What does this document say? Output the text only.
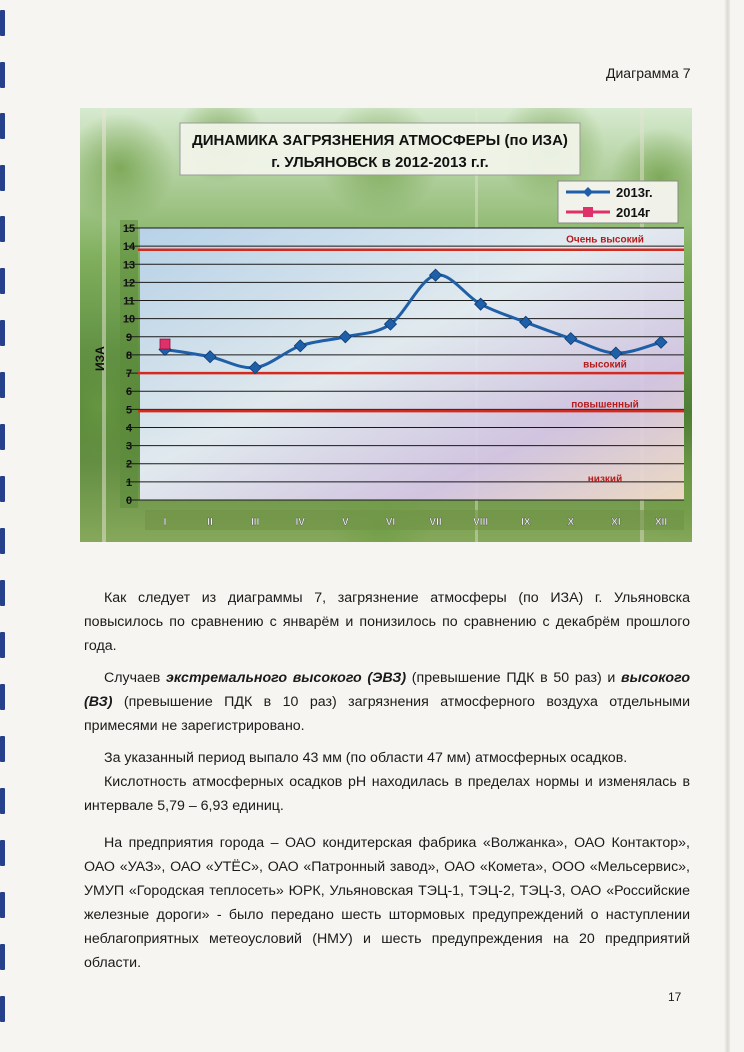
Диаграмма 7
0
1
2
3
4
5
6
7
8
9
10
11
12
13
14
15
ИЗА
Очень высокий
высокий
повышенный
низкий
I	II	III	IV	V	VI	VII	VIII	IX	X	XI	XII
ДИНАМИКА ЗАГРЯЗНЕНИЯ АТМОСФЕРЫ (по ИЗА)
г. УЛЬЯНОВСК в 2012-2013 г.г.
2013г.
2014г

Как следует из диаграммы 7, загрязнение атмосферы (по ИЗА) г. Ульяновска повысилось по сравнению с январём и понизилось по сравнению с декабрём прошлого года.

Случаев экстремального высокого (ЭВЗ) (превышение ПДК в 50 раз) и высокого (ВЗ) (превышение ПДК в 10 раз) загрязнения атмосферного воздуха отдельными примесями не зарегистрировано.

За указанный период выпало 43 мм (по области 47 мм) атмосферных осадков.

Кислотность атмосферных осадков рН находилась в пределах нормы и изменялась в интервале 5,79 – 6,93 единиц.

На предприятия города – ОАО кондитерская фабрика «Волжанка», ОАО Контактор», ОАО «УАЗ», ОАО «УТЁС», ОАО «Патронный завод», ОАО «Комета», ООО «Мельсервис», УМУП «Городская теплосеть» ЮРК, Ульяновская ТЭЦ-1, ТЭЦ-2, ТЭЦ-3, ОАО «Российские железные дороги» - было передано шесть штормовых предупреждений о наступлении неблагоприятных метеоусловий (НМУ) и шесть предупреждения на 20 предприятий области.

17
